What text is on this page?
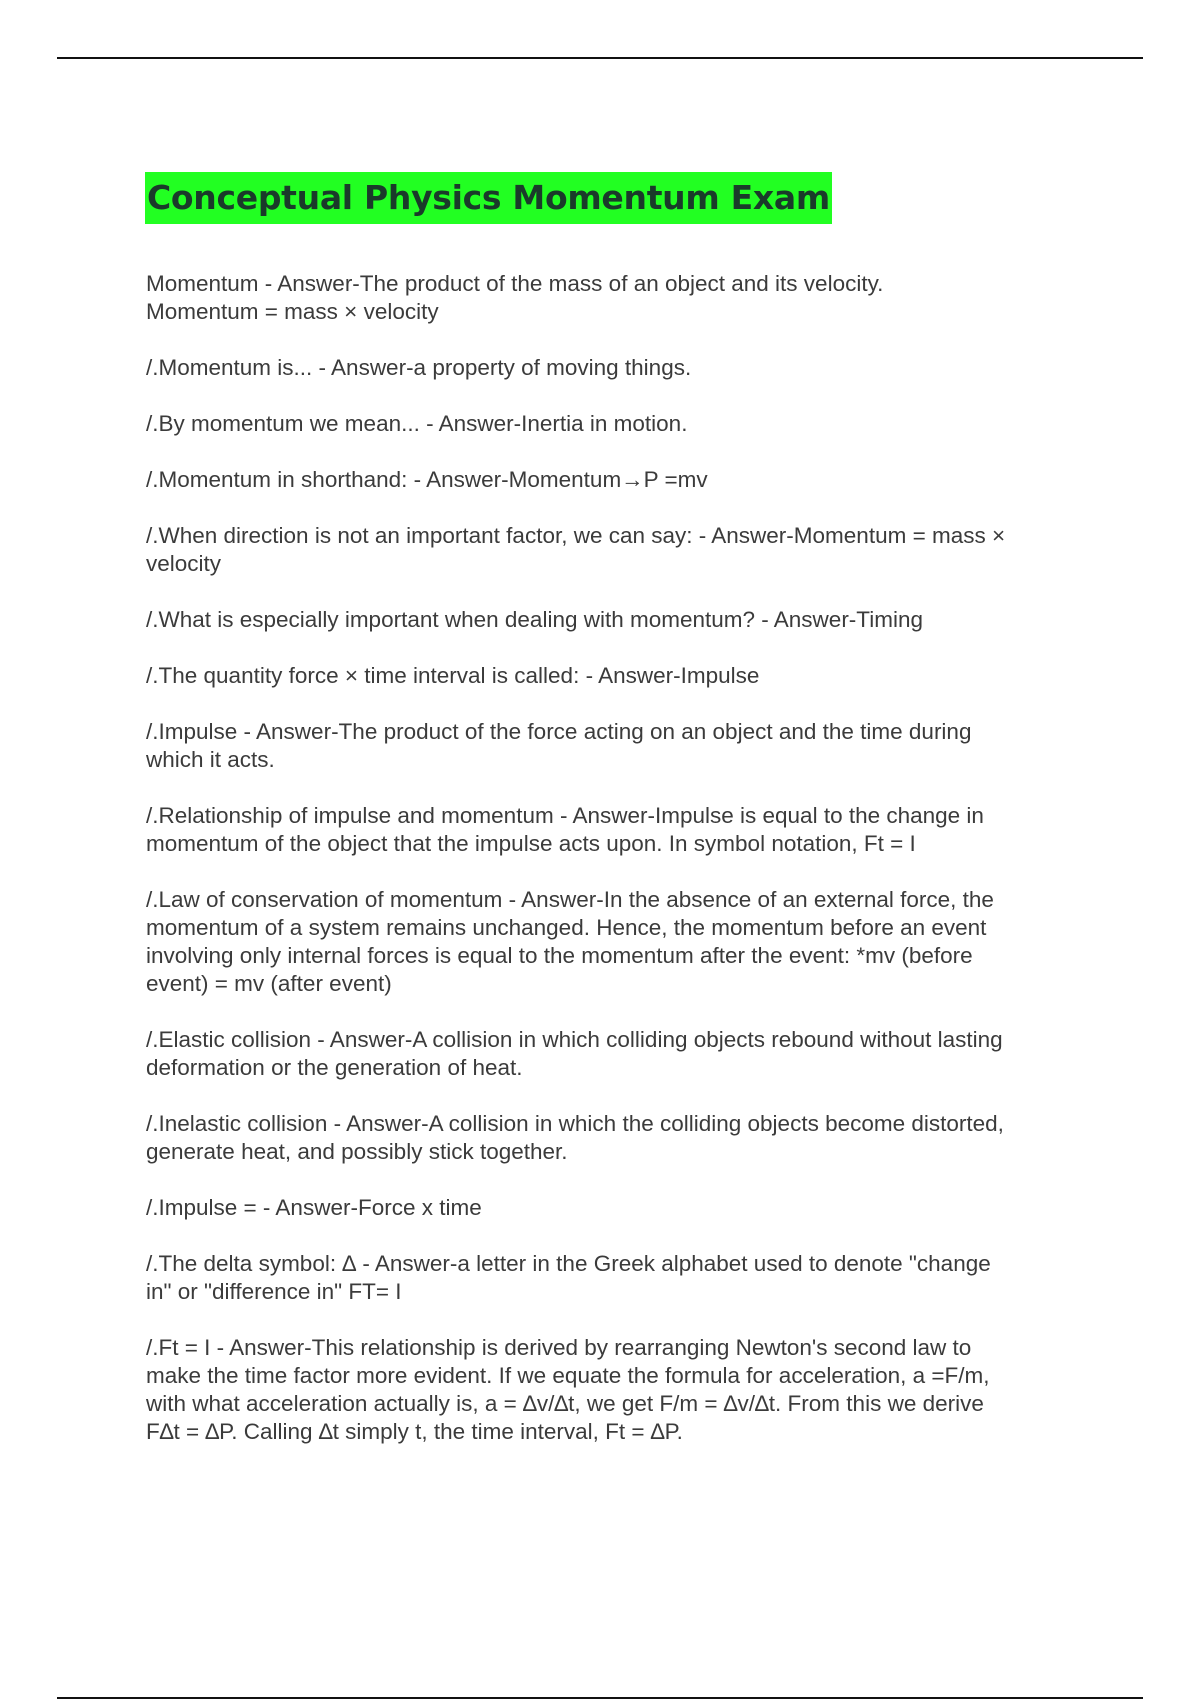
Conceptual Physics Momentum Exam
Momentum - Answer-The product of the mass of an object and its velocity.
Momentum = mass × velocity
/.Momentum is... - Answer-a property of moving things.
/.By momentum we mean... - Answer-Inertia in motion.
/.Momentum in shorthand: - Answer-Momentum→P =mv
/.When direction is not an important factor, we can say: - Answer-Momentum = mass ×
velocity
/.What is especially important when dealing with momentum? - Answer-Timing
/.The quantity force × time interval is called: - Answer-Impulse
/.Impulse - Answer-The product of the force acting on an object and the time during
which it acts.
/.Relationship of impulse and momentum - Answer-Impulse is equal to the change in
momentum of the object that the impulse acts upon. In symbol notation, Ft = I
/.Law of conservation of momentum - Answer-In the absence of an external force, the
momentum of a system remains unchanged. Hence, the momentum before an event
involving only internal forces is equal to the momentum after the event: *mv (before
event) = mv (after event)
/.Elastic collision - Answer-A collision in which colliding objects rebound without lasting
deformation or the generation of heat.
/.Inelastic collision - Answer-A collision in which the colliding objects become distorted,
generate heat, and possibly stick together.
/.Impulse = - Answer-Force x time
/.The delta symbol: ∆ - Answer-a letter in the Greek alphabet used to denote "change
in" or "difference in" FT= I
/.Ft = I - Answer-This relationship is derived by rearranging Newton's second law to
make the time factor more evident. If we equate the formula for acceleration, a =F/m,
with what acceleration actually is, a = ∆v/∆t, we get F/m = ∆v/∆t. From this we derive
F∆t = ∆P. Calling ∆t simply t, the time interval, Ft = ∆P.
